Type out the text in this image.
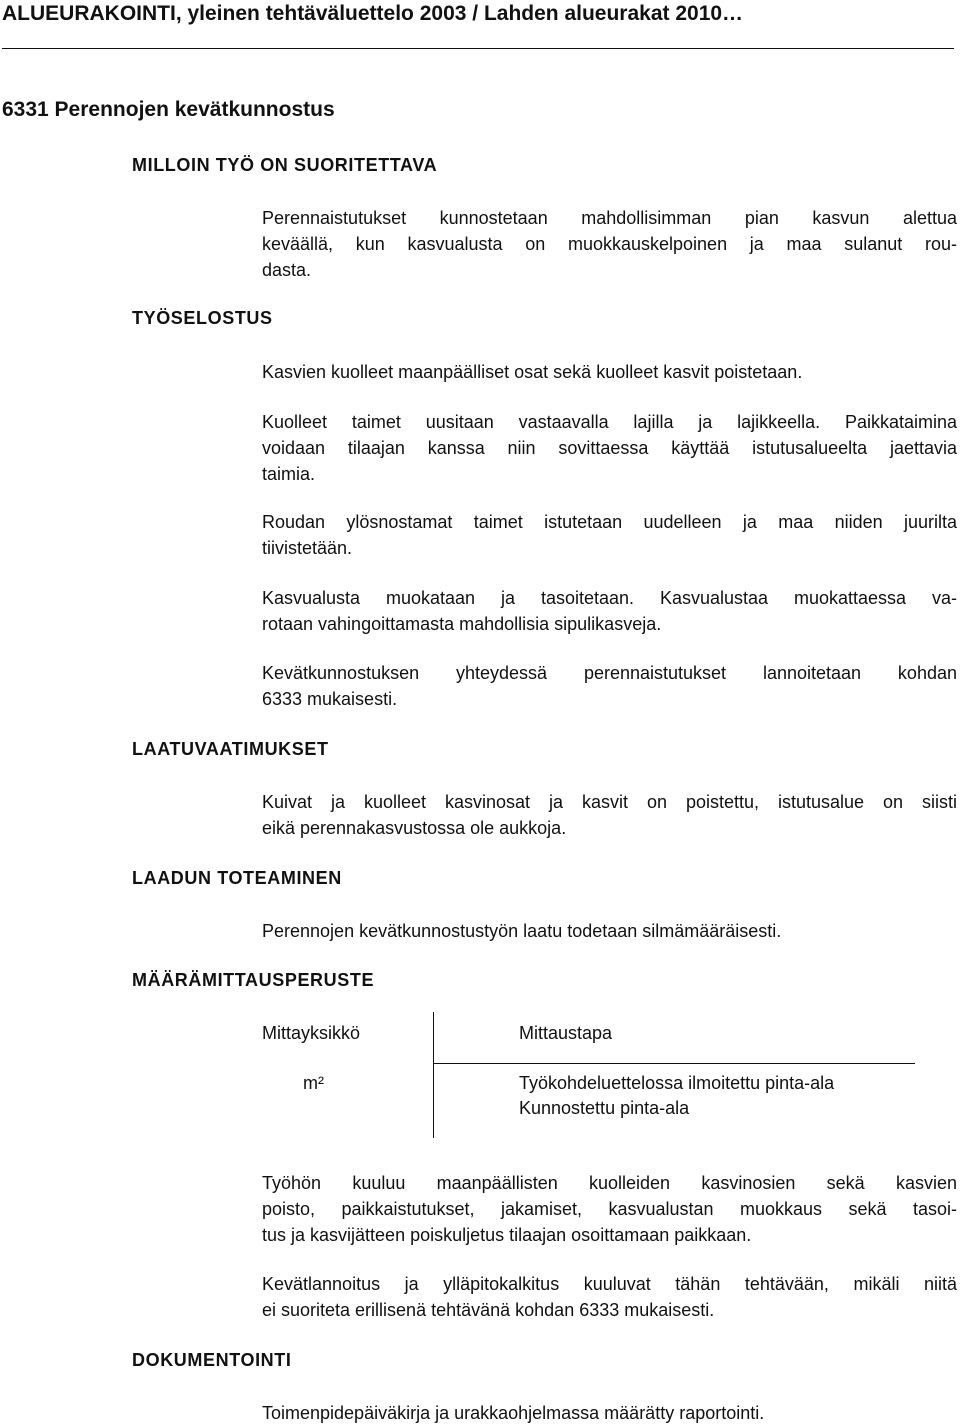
ALUEURAKOINTI, yleinen tehtäväluettelo 2003 / Lahden alueurakat 2010…
6331 Perennojen kevätkunnostus
MILLOIN TYÖ ON SUORITETTAVA
Perennaistutukset kunnostetaan mahdollisimman pian kasvun alettua
keväällä, kun kasvualusta on muokkauskelpoinen ja maa sulanut rou-
dasta.
TYÖSELOSTUS
Kasvien kuolleet maanpäälliset osat sekä kuolleet kasvit poistetaan.
Kuolleet taimet uusitaan vastaavalla lajilla ja lajikkeella. Paikkataimina
voidaan tilaajan kanssa niin sovittaessa käyttää istutusalueelta jaettavia
taimia.
Roudan ylösnostamat taimet istutetaan uudelleen ja maa niiden juurilta
tiivistetään.
Kasvualusta muokataan ja tasoitetaan. Kasvualustaa muokattaessa va-
rotaan vahingoittamasta mahdollisia sipulikasveja.
Kevätkunnostuksen yhteydessä perennaistutukset lannoitetaan kohdan
6333 mukaisesti.
LAATUVAATIMUKSET
Kuivat ja kuolleet kasvinosat ja kasvit on poistettu, istutusalue on siisti
eikä perennakasvustossa ole aukkoja.
LAADUN TOTEAMINEN
Perennojen kevätkunnostustyön laatu todetaan silmämääräisesti.
MÄÄRÄMITTAUSPERUSTE
Mittayksikkö	Mittaustapa
m²	Työkohdeluettelossa ilmoitettu pinta-ala
Kunnostettu pinta-ala
Työhön kuuluu maanpäällisten kuolleiden kasvinosien sekä kasvien
poisto, paikkaistutukset, jakamiset, kasvualustan muokkaus sekä tasoi-
tus ja kasvijätteen poiskuljetus tilaajan osoittamaan paikkaan.
Kevätlannoitus ja ylläpitokalkitus kuuluvat tähän tehtävään, mikäli niitä
ei suoriteta erillisenä tehtävänä kohdan 6333 mukaisesti.
DOKUMENTOINTI
Toimenpidepäiväkirja ja urakkaohjelmassa määrätty raportointi.
